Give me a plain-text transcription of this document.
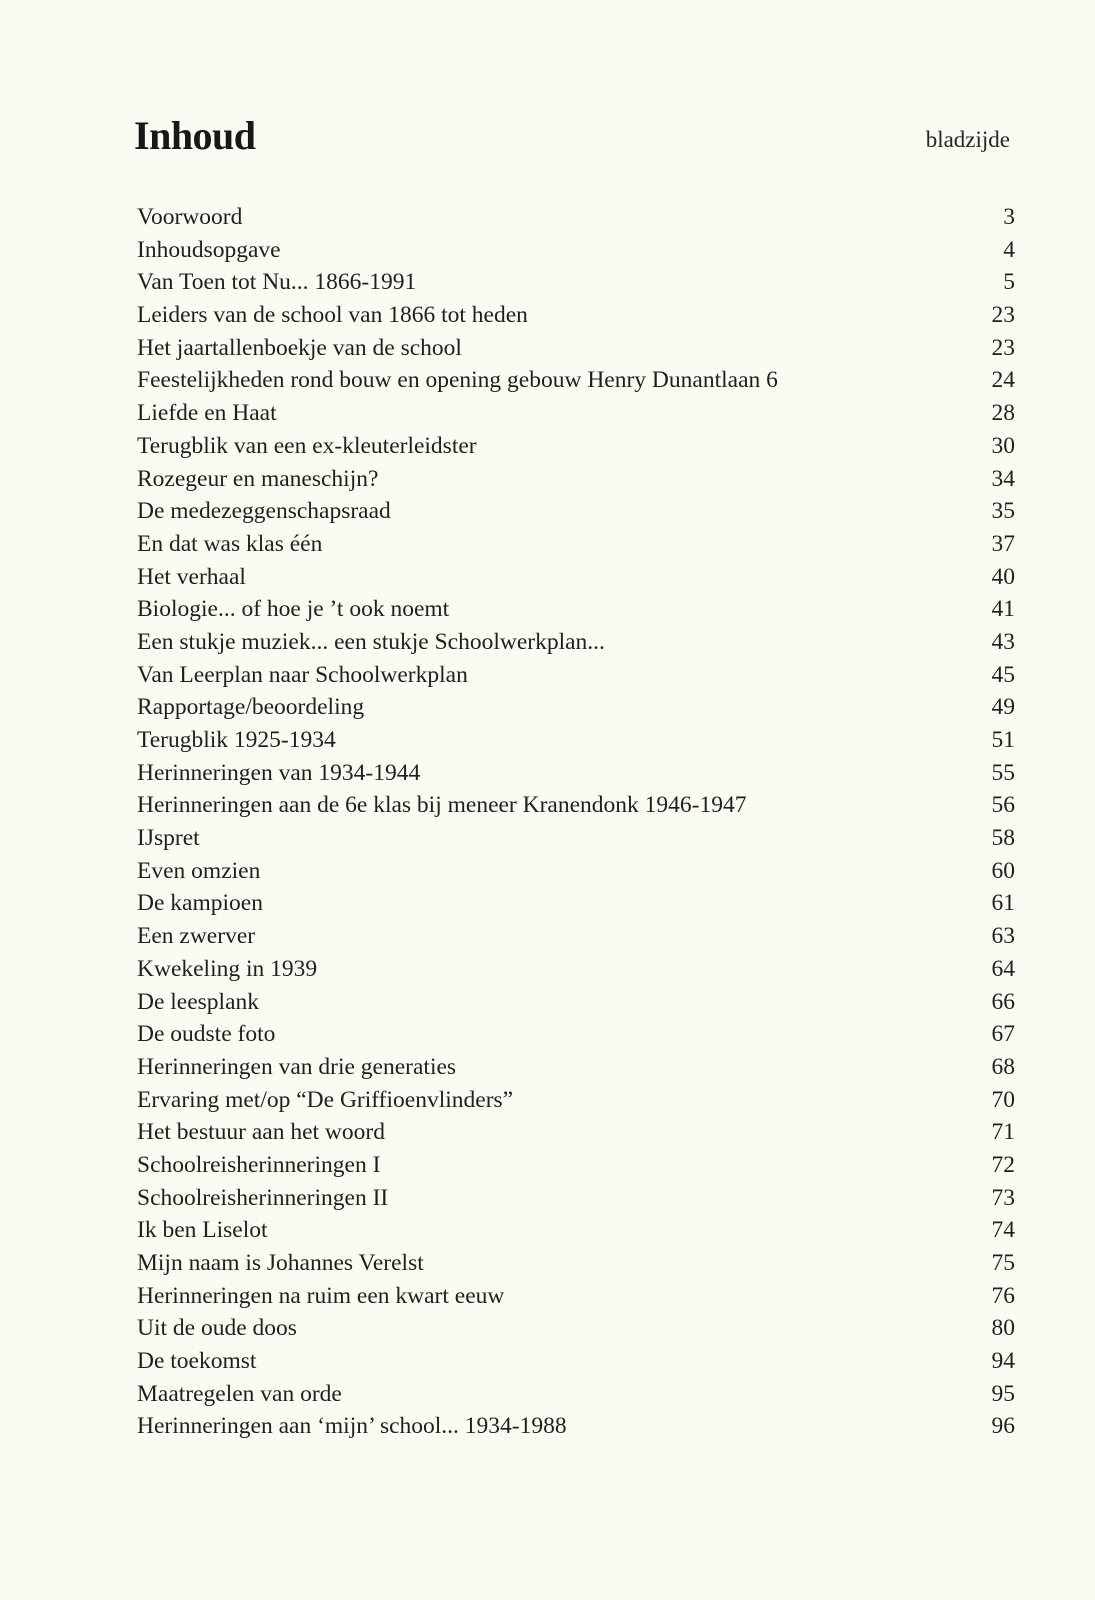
Inhoud	bladzijde
Voorwoord	3
Inhoudsopgave	4
Van Toen tot Nu... 1866-1991	5
Leiders van de school van 1866 tot heden	23
Het jaartallenboekje van de school	23
Feestelijkheden rond bouw en opening gebouw Henry Dunantlaan 6	24
Liefde en Haat	28
Terugblik van een ex-kleuterleidster	30
Rozegeur en maneschijn?	34
De medezeggenschapsraad	35
En dat was klas één	37
Het verhaal	40
Biologie... of hoe je ’t ook noemt	41
Een stukje muziek... een stukje Schoolwerkplan...	43
Van Leerplan naar Schoolwerkplan	45
Rapportage/beoordeling	49
Terugblik 1925-1934	51
Herinneringen van 1934-1944	55
Herinneringen aan de 6e klas bij meneer Kranendonk 1946-1947	56
IJspret	58
Even omzien	60
De kampioen	61
Een zwerver	63
Kwekeling in 1939	64
De leesplank	66
De oudste foto	67
Herinneringen van drie generaties	68
Ervaring met/op “De Griffioenvlinders”	70
Het bestuur aan het woord	71
Schoolreisherinneringen I	72
Schoolreisherinneringen II	73
Ik ben Liselot	74
Mijn naam is Johannes Verelst	75
Herinneringen na ruim een kwart eeuw	76
Uit de oude doos	80
De toekomst	94
Maatregelen van orde	95
Herinneringen aan ‘mijn’ school... 1934-1988	96
